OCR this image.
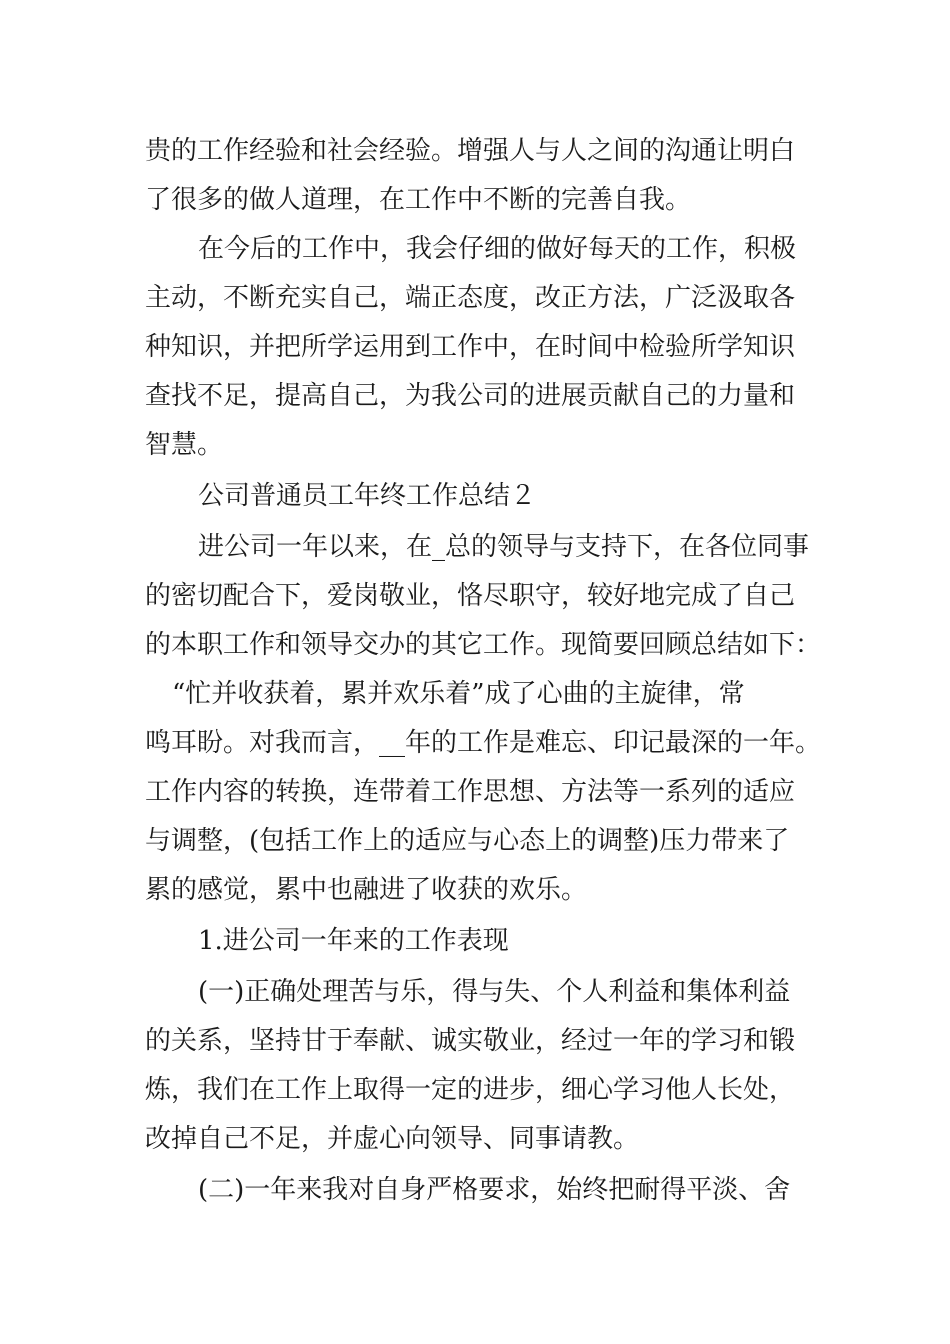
贵的工作经验和社会经验。增强人与人之间的沟通让明白
了很多的做人道理，在工作中不断的完善自我。
在今后的工作中，我会仔细的做好每天的工作，积极
主动，不断充实自己，端正态度，改正方法，广泛汲取各
种知识，并把所学运用到工作中，在时间中检验所学知识
查找不足，提高自己，为我公司的进展贡献自己的力量和
智慧。
公司普通员工年终工作总结２
进公司一年以来，在_总的领导与支持下，在各位同事
的密切配合下，爱岗敬业，恪尽职守，较好地完成了自己
的本职工作和领导交办的其它工作。现简要回顾总结如下：
“忙并收获着，累并欢乐着”成了心曲的主旋律，常
鸣耳盼。对我而言，__年的工作是难忘、印记最深的一年。
工作内容的转换，连带着工作思想、方法等一系列的适应
与调整，(包括工作上的适应与心态上的调整)压力带来了
累的感觉，累中也融进了收获的欢乐。
1.进公司一年来的工作表现
(一)正确处理苦与乐，得与失、个人利益和集体利益
的关系，坚持甘于奉献、诚实敬业，经过一年的学习和锻
炼，我们在工作上取得一定的进步，细心学习他人长处，
改掉自己不足，并虚心向领导、同事请教。
(二)一年来我对自身严格要求，始终把耐得平淡、舍
